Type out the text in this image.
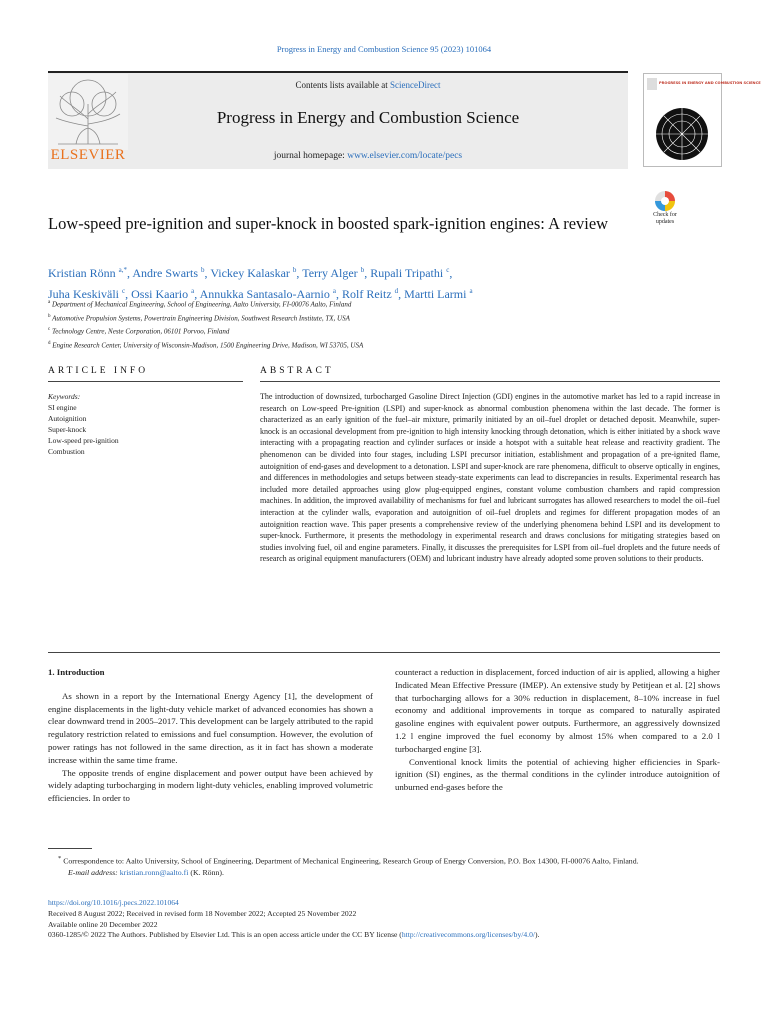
Progress in Energy and Combustion Science 95 (2023) 101064
ELSEVIER
Contents lists available at ScienceDirect
Progress in Energy and Combustion Science
journal homepage: www.elsevier.com/locate/pecs
PROGRESS IN ENERGY AND COMBUSTION SCIENCE
Low-speed pre-ignition and super-knock in boosted spark-ignition engines: A review	Check for updates
Kristian Rönn $^{a,*}$, Andre Swarts $^b$, Vickey Kalaskar $^b$, Terry Alger $^b$, Rupali Tripathi $^c$,
Juha Keskiväli $^c$, Ossi Kaario $^a$, Annukka Santasalo-Aarnio $^a$, Rolf Reitz $^d$, Martti Larmi $^a$
$^a$ Department of Mechanical Engineering, School of Engineering, Aalto University, FI-00076 Aalto, Finland
$^b$ Automotive Propulsion Systems, Powertrain Engineering Division, Southwest Research Institute, TX, USA
$^c$ Technology Centre, Neste Corporation, 06101 Porvoo, Finland
$^d$ Engine Research Center, University of Wisconsin-Madison, 1500 Engineering Drive, Madison, WI 53705, USA
ARTICLE INFO	ABSTRACT
Keywords:
SI engine
Autoignition
Super-knock
Low-speed pre-ignition
Combustion
The introduction of downsized, turbocharged Gasoline Direct Injection (GDI) engines in the automotive market has led to a rapid increase in research on Low-speed Pre-ignition (LSPI) and super-knock as abnormal combustion phenomena within the last decade. The former is characterized as an early ignition of the fuel–air mixture, primarily initiated by an oil–fuel droplet or detached deposit. Meanwhile, super-knock is an occasional development from pre-ignition to high intensity knocking through detonation, which is either initiated by a shock wave interacting with a propagating reaction and cylinder surfaces or inside a hotspot with a suitable heat release and reactivity gradient. The phenomenon can be divided into four stages, including LSPI precursor initiation, establishment and propagation of a pre-ignited flame, autoignition of end-gases and development to a detonation. LSPI and super-knock are rare phenomena, difficult to observe optically in engines, and differences in methodologies and setups between steady-state experiments can lead to discrepancies in results. Experimental research has included more detailed approaches using glow plug-equipped engines, constant volume combustion chambers and rapid compression machines. In addition, the improved availability of mechanisms for fuel and lubricant surrogates has allowed researchers to model the oil–fuel interaction at the cylinder walls, evaporation and autoignition of oil–fuel droplets and regimes for different propagation modes of an autoignition reaction wave. This paper presents a comprehensive review of the underlying phenomena behind LSPI and its development to super-knock. Furthermore, it presents the methodology in experimental research and draws conclusions for mitigating strategies based on studies involving fuel, oil and engine parameters. Finally, it discusses the prerequisites for LSPI from oil–fuel droplets and the future needs of research as original equipment manufacturers (OEM) and lubricant industry have already adopted some proven solutions to their products.
1. Introduction

As shown in a report by the International Energy Agency [1], the development of engine displacements in the light-duty vehicle market of advanced economies has shown a clear downward trend in 2005–2017. This development can be largely attributed to the rapid regulatory restriction related to emissions and fuel consumption. However, the evolution of power ratings has not followed in the same direction, as it in fact has shown a moderate increase within the same time frame.

The opposite trends of engine displacement and power output have been achieved by widely adapting turbocharging in modern light-duty vehicles, enabling improved volumetric efficiencies. In order to

counteract a reduction in displacement, forced induction of air is applied, allowing a higher Indicated Mean Effective Pressure (IMEP). An extensive study by Petitjean et al. [2] shows that turbocharging allows for a 30% reduction in displacement, 8–10% increase in fuel economy and additional improvements in torque as compared to naturally aspirated gasoline engines with equivalent power outputs. Furthermore, an aggressively downsized 1.2 l engine improved the fuel economy by almost 15% when compared to a 2.0 l turbocharged engine [3].

Conventional knock limits the potential of achieving higher efficiencies in Spark-ignition (SI) engines, as the thermal conditions in the cylinder introduce autoignition of unburned end-gases before the

* Correspondence to: Aalto University, School of Engineering, Department of Mechanical Engineering, Research Group of Energy Conversion, P.O. Box 14300, FI-00076 Aalto, Finland.
E-mail address: kristian.ronn@aalto.fi (K. Rönn).
https://doi.org/10.1016/j.pecs.2022.101064
Received 8 August 2022; Received in revised form 18 November 2022; Accepted 25 November 2022
Available online 20 December 2022
0360-1285/© 2022 The Authors. Published by Elsevier Ltd. This is an open access article under the CC BY license (http://creativecommons.org/licenses/by/4.0/).
